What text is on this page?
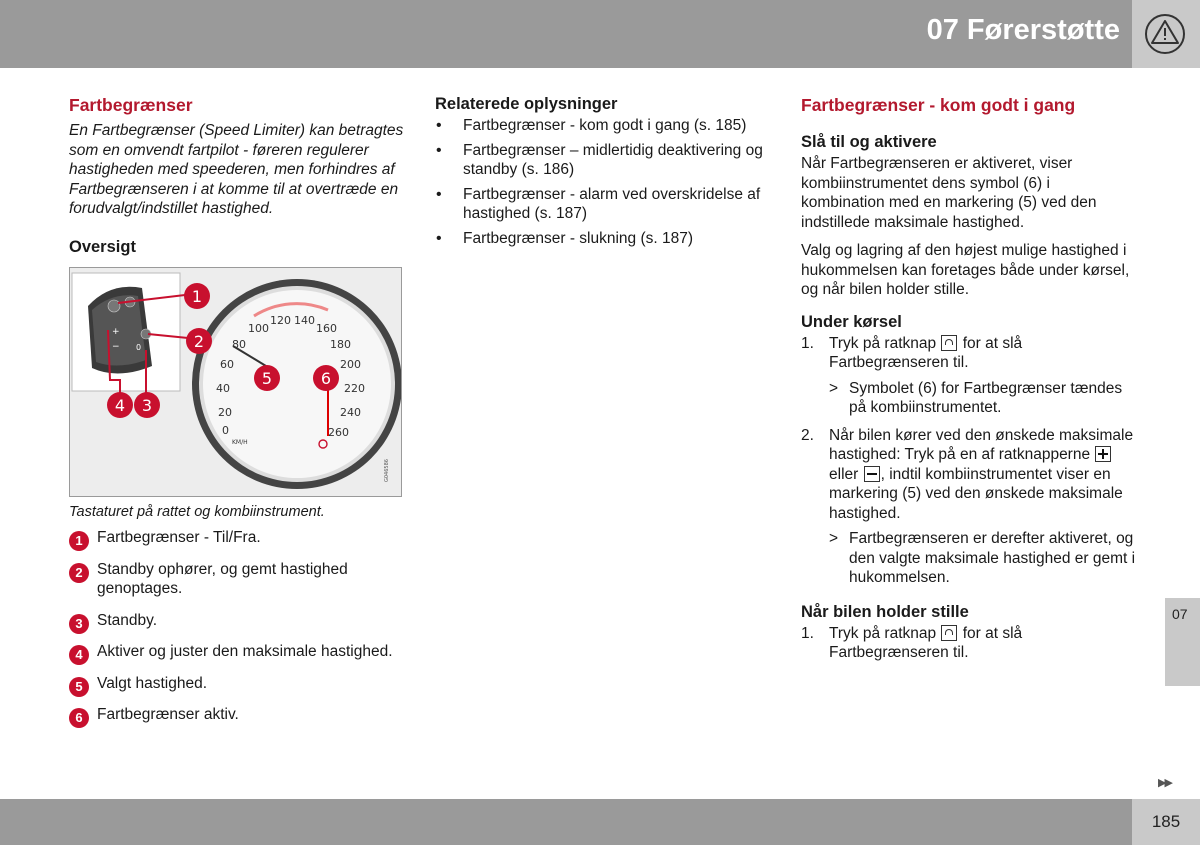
07 Førerstøtte
Fartbegrænser

En Fartbegrænser (Speed Limiter) kan betragtes som en omvendt fartpilot - føreren regulerer hastigheden med speederen, men forhindres af Fartbegrænseren i at komme til at overtræde en forudvalgt/indstillet hastighed.

Oversigt
+
− 0
0
20
40
60
80
100
120 140
160
180
200
220
240
260
KM/H
1
2
3
4
5	6
G046586

Tastaturet på rattet og kombiinstrument.

1 Fartbegrænser - Til/Fra.
2 Standby ophører, og gemt hastighed genoptages.
3 Standby.
4 Aktiver og juster den maksimale hastighed.
5 Valgt hastighed.
6 Fartbegrænser aktiv.
Relaterede oplysninger
• Fartbegrænser - kom godt i gang (s. 185)
• Fartbegrænser – midlertidig deaktivering og standby (s. 186)
• Fartbegrænser - alarm ved overskridelse af hastighed (s. 187)
• Fartbegrænser - slukning (s. 187)
Fartbegrænser - kom godt i gang
Slå til og aktivere

Når Fartbegrænseren er aktiveret, viser kombiinstrumentet dens symbol (6) i kombination med en markering (5) ved den indstillede maksimale hastighed.

Valg og lagring af den højest mulige hastighed i hukommelsen kan foretages både under kørsel, og når bilen holder stille.

Under kørsel
1. Tryk på ratknap for at slå Fartbegrænseren til.
> Symbolet (6) for Fartbegrænser tændes på kombiinstrumentet.
2. Når bilen kører ved den ønskede maksimale hastighed: Tryk på en af ratknapperne  eller , indtil kombiinstrumentet viser en markering (5) ved den ønskede maksimale hastighed.
> Fartbegrænseren er derefter aktiveret, og den valgte maksimale hastighed er gemt i hukommelsen.
Når bilen holder stille
1. Tryk på ratknap for at slå Fartbegrænseren til.
07
▶▶
185
